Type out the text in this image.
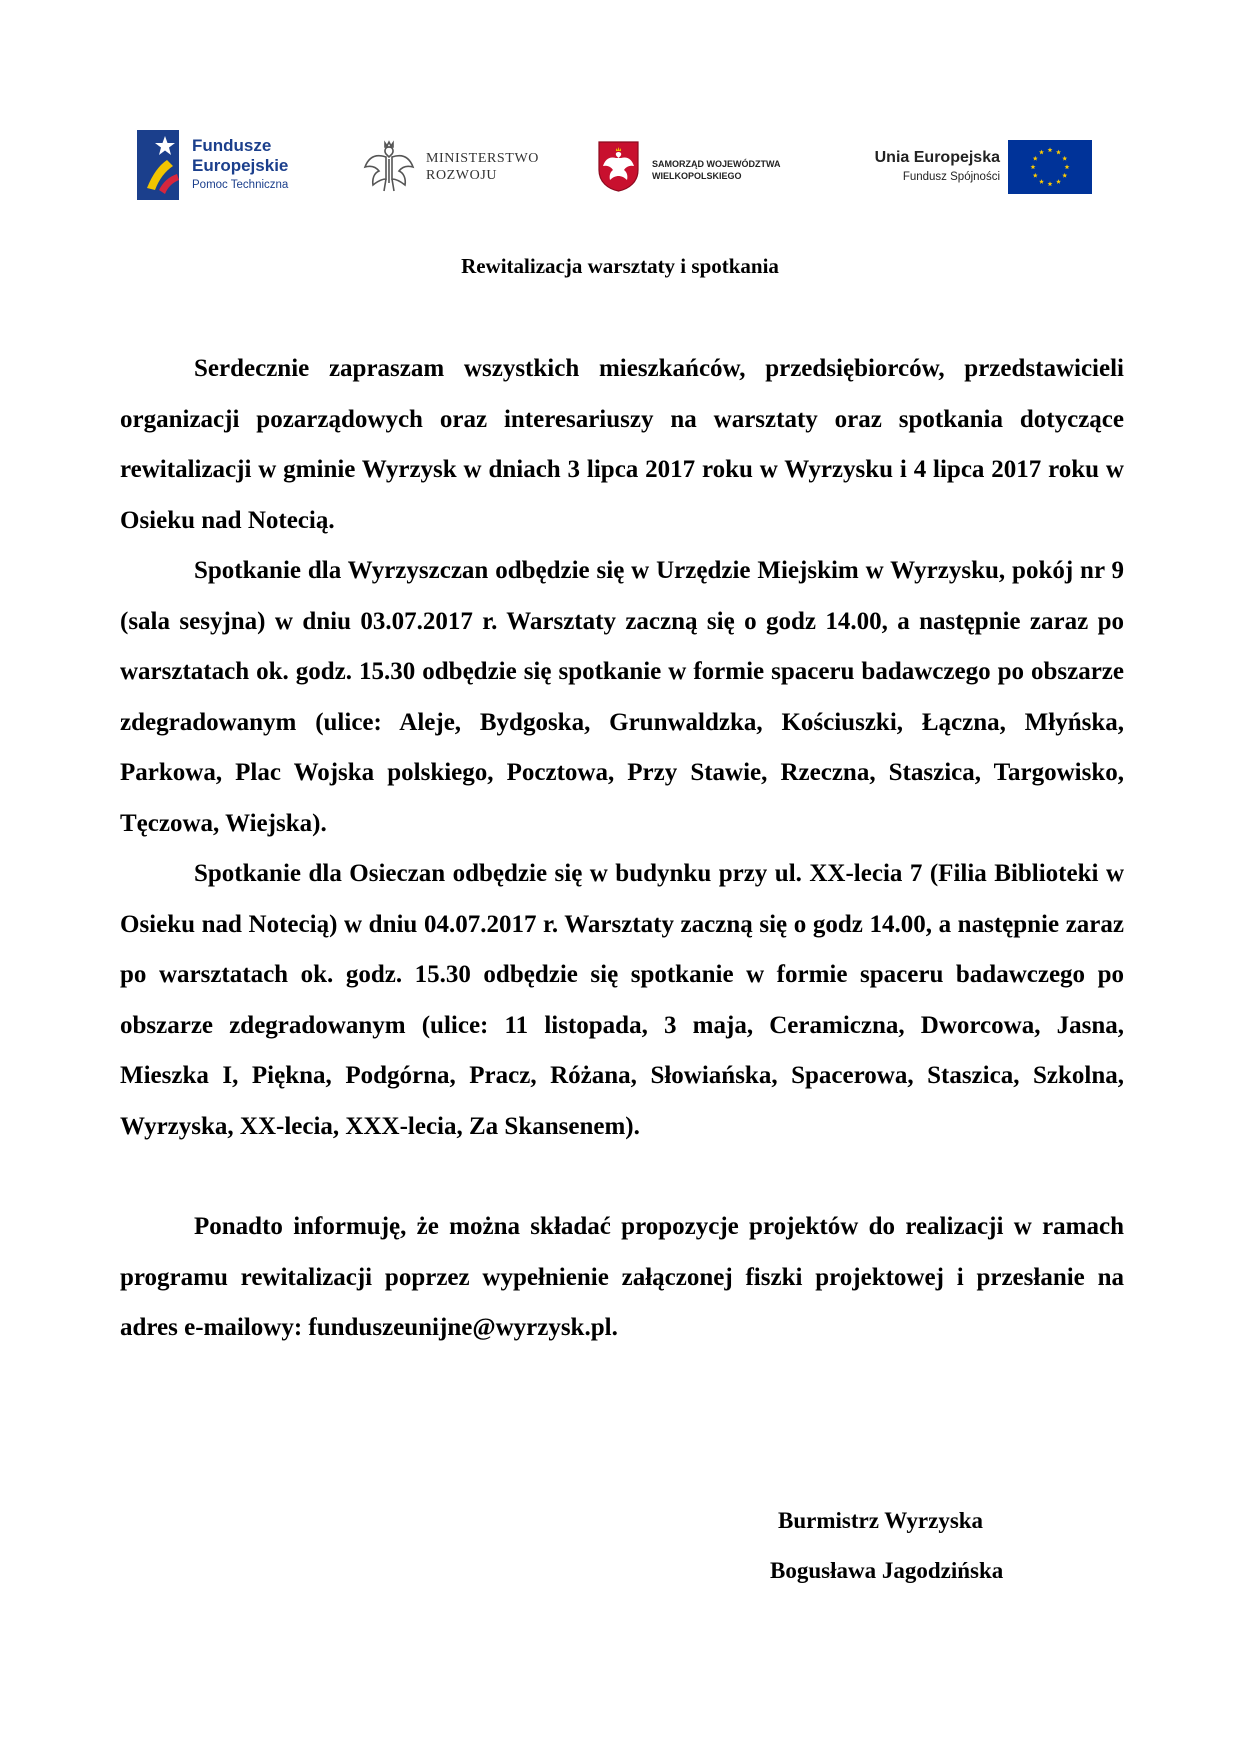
Fundusze
Europejskie
Pomoc Techniczna
MINISTERSTWO
ROZWOJU
SAMORZĄD WOJEWÓDZTWA
WIELKOPOLSKIEGO
Unia Europejska
Fundusz Spójności
Rewitalizacja warsztaty i spotkania

Serdecznie zapraszam wszystkich mieszkańców, przedsiębiorców, przedstawicieli organizacji pozarządowych oraz interesariuszy na warsztaty oraz spotkania dotyczące rewitalizacji w gminie Wyrzysk w dniach 3 lipca 2017 roku w Wyrzysku i 4 lipca 2017 roku w Osieku nad Notecią.

Spotkanie dla Wyrzyszczan odbędzie się w Urzędzie Miejskim w Wyrzysku, pokój nr 9 (sala sesyjna) w dniu 03.07.2017 r. Warsztaty zaczną się o godz 14.00, a następnie zaraz po warsztatach ok. godz. 15.30 odbędzie się spotkanie w formie spaceru badawczego po obszarze zdegradowanym (ulice: Aleje, Bydgoska, Grunwaldzka, Kościuszki, Łączna, Młyńska, Parkowa, Plac Wojska polskiego, Pocztowa, Przy Stawie, Rzeczna, Staszica, Targowisko, Tęczowa, Wiejska).

Spotkanie dla Osieczan odbędzie się w budynku przy ul. XX-lecia 7 (Filia Biblioteki w Osieku nad Notecią) w dniu 04.07.2017 r. Warsztaty zaczną się o godz 14.00, a następnie zaraz po warsztatach ok. godz. 15.30 odbędzie się spotkanie w formie spaceru badawczego po obszarze zdegradowanym (ulice: 11 listopada, 3 maja, Ceramiczna, Dworcowa, Jasna, Mieszka I, Piękna, Podgórna, Pracz, Różana, Słowiańska, Spacerowa, Staszica, Szkolna, Wyrzyska, XX-lecia, XXX-lecia, Za Skansenem).

Ponadto informuję, że można składać propozycje projektów do realizacji w ramach programu rewitalizacji poprzez wypełnienie załączonej fiszki projektowej i przesłanie na adres e-mailowy: funduszeunijne@wyrzysk.pl.

Burmistrz Wyrzyska
Bogusława Jagodzińska
